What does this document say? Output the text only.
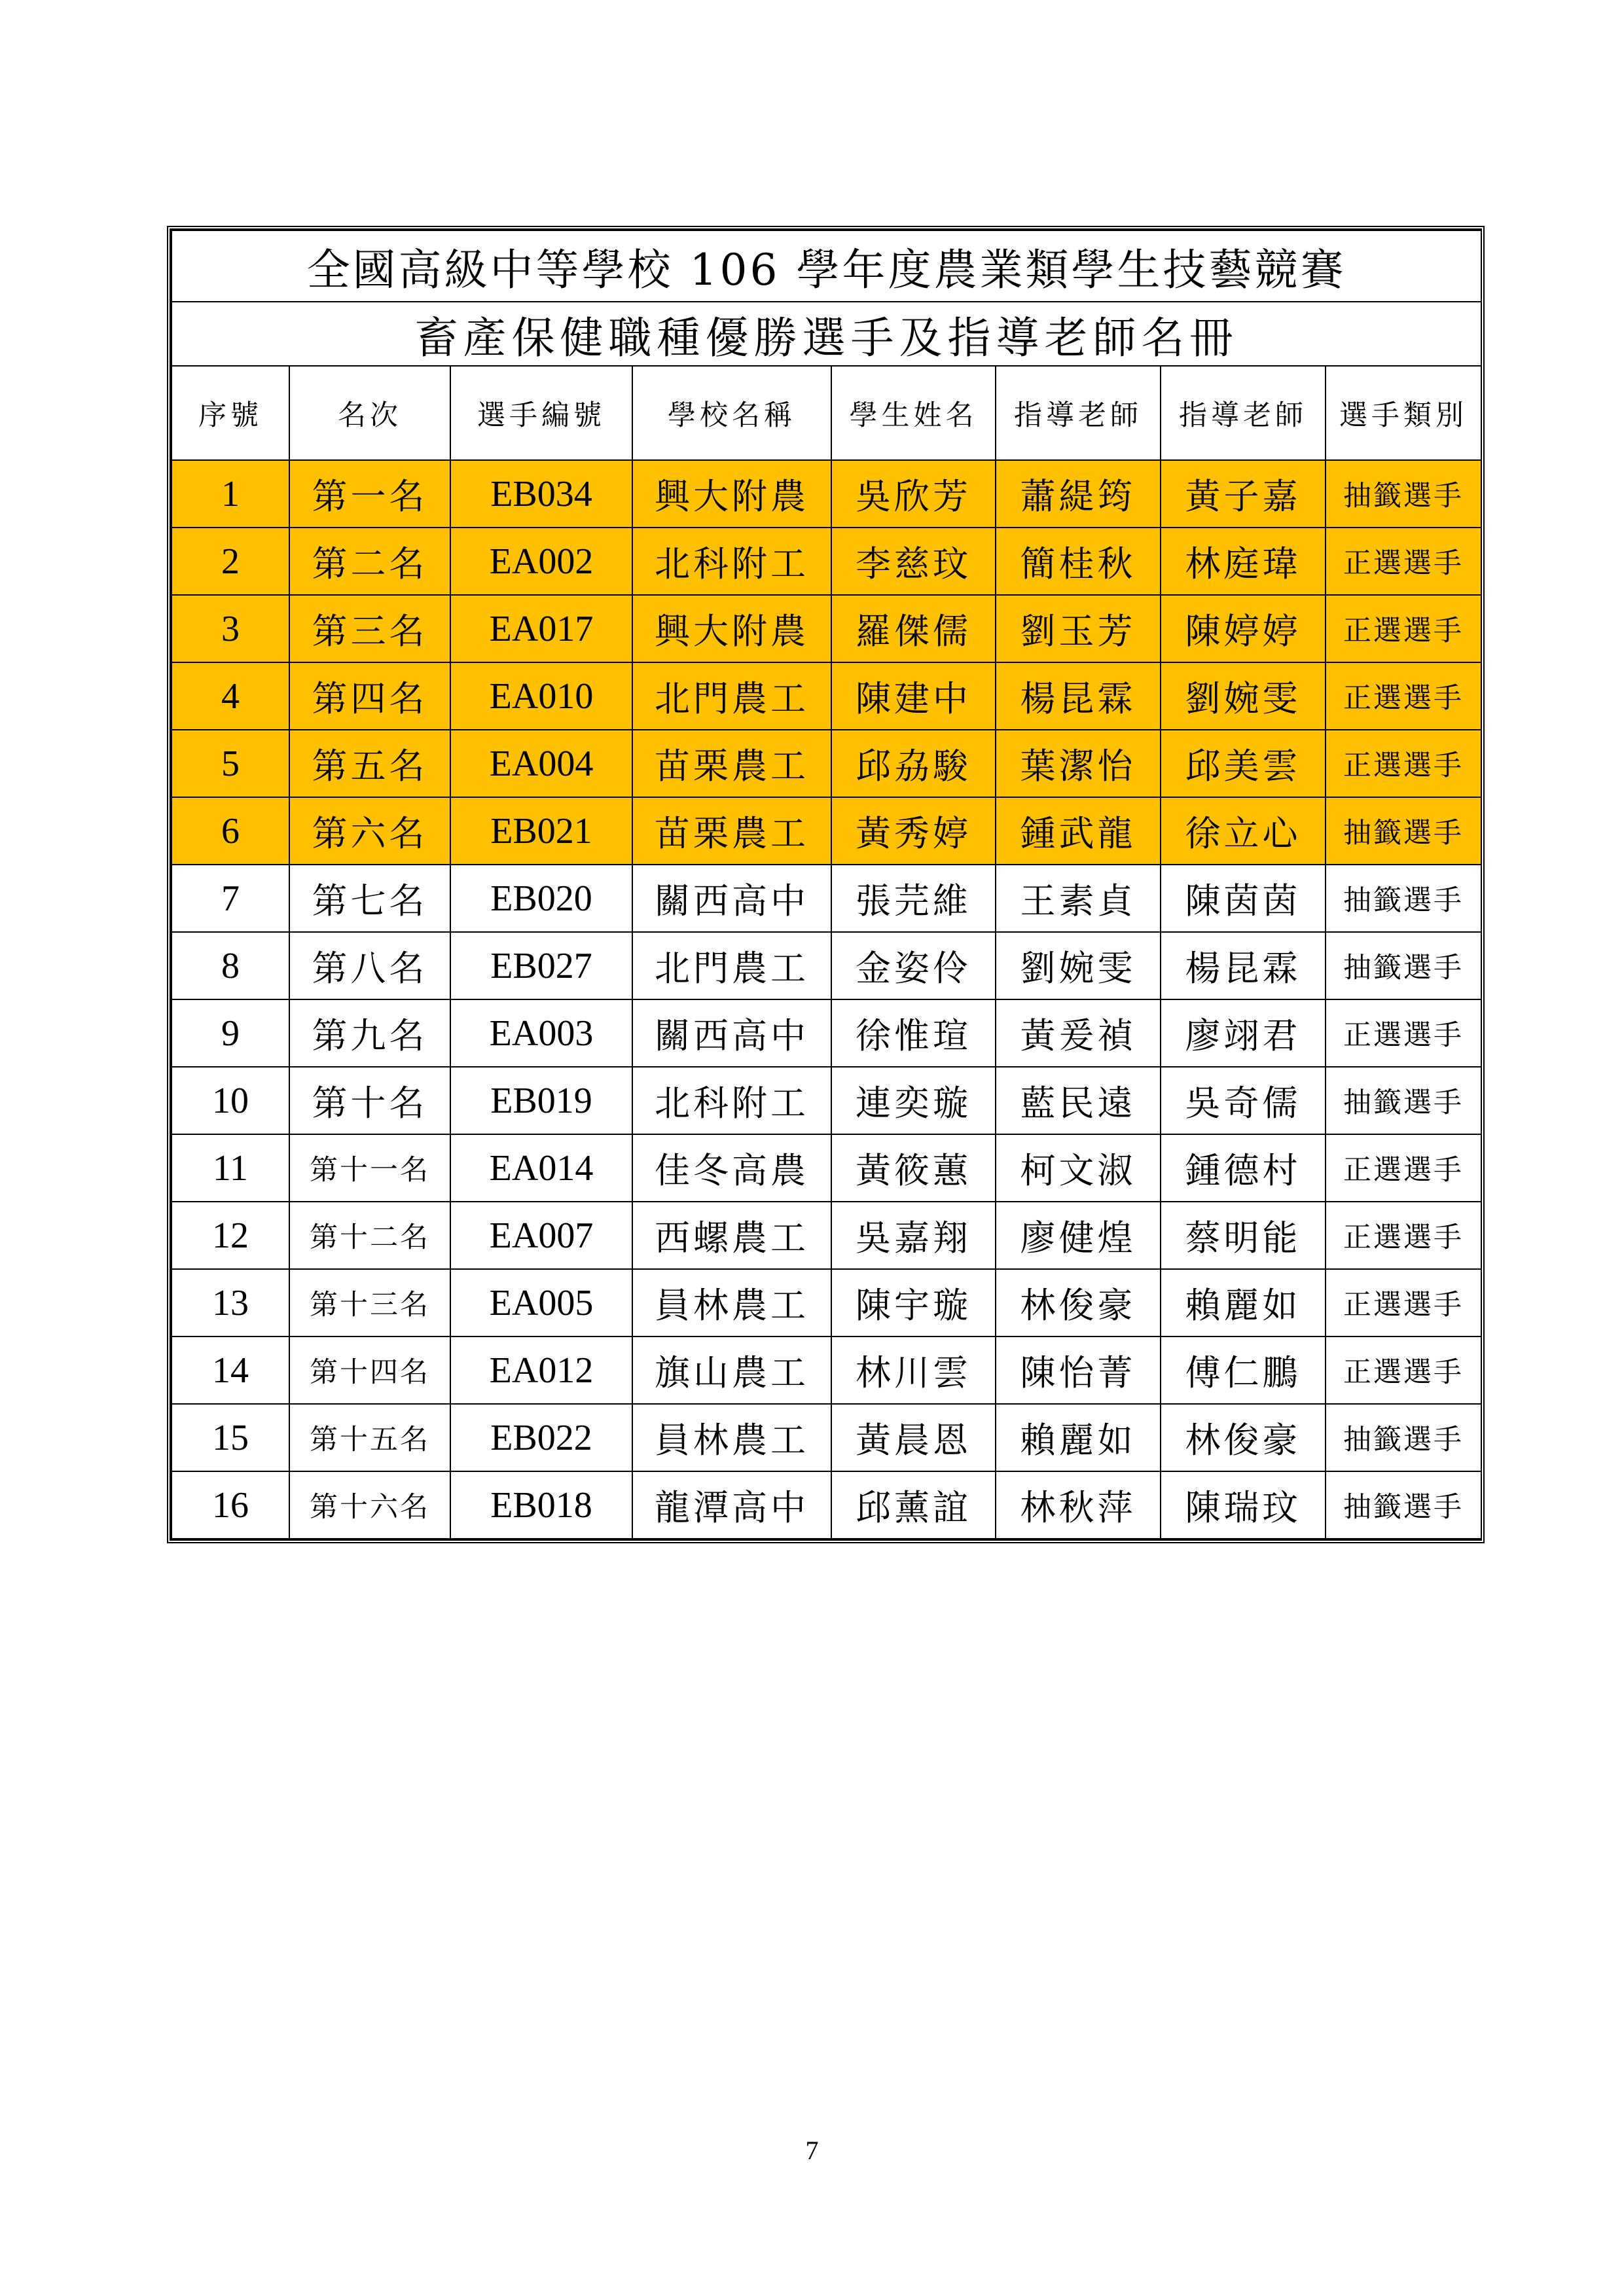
全國高級中等學校 106 學年度農業類學生技藝競賽							
畜產保健職種優勝選手及指導老師名冊							
序號	名次	選手編號	學校名稱	學生姓名	指導老師	指導老師	選手類別
1	第一名	EB034	興大附農	吳欣芳	蕭緹筠	黃子嘉	抽籤選手
2	第二名	EA002	北科附工	李慈玟	簡桂秋	林庭瑋	正選選手
3	第三名	EA017	興大附農	羅傑儒	劉玉芳	陳婷婷	正選選手
4	第四名	EA010	北門農工	陳建中	楊昆霖	劉婉雯	正選選手
5	第五名	EA004	苗栗農工	邱劦駿	葉潔怡	邱美雲	正選選手
6	第六名	EB021	苗栗農工	黃秀婷	鍾武龍	徐立心	抽籤選手
7	第七名	EB020	關西高中	張芫維	王素貞	陳茵茵	抽籤選手
8	第八名	EB027	北門農工	金姿伶	劉婉雯	楊昆霖	抽籤選手
9	第九名	EA003	關西高中	徐惟瑄	黃爰禎	廖翊君	正選選手
10	第十名	EB019	北科附工	連奕璇	藍民遠	吳奇儒	抽籤選手
11	第十一名	EA014	佳冬高農	黃筱蕙	柯文淑	鍾德村	正選選手
12	第十二名	EA007	西螺農工	吳嘉翔	廖健煌	蔡明能	正選選手
13	第十三名	EA005	員林農工	陳宇璇	林俊豪	賴麗如	正選選手
14	第十四名	EA012	旗山農工	林川雲	陳怡菁	傅仁鵬	正選選手
15	第十五名	EB022	員林農工	黃晨恩	賴麗如	林俊豪	抽籤選手
16	第十六名	EB018	龍潭高中	邱薰誼	林秋萍	陳瑞玟	抽籤選手
7
